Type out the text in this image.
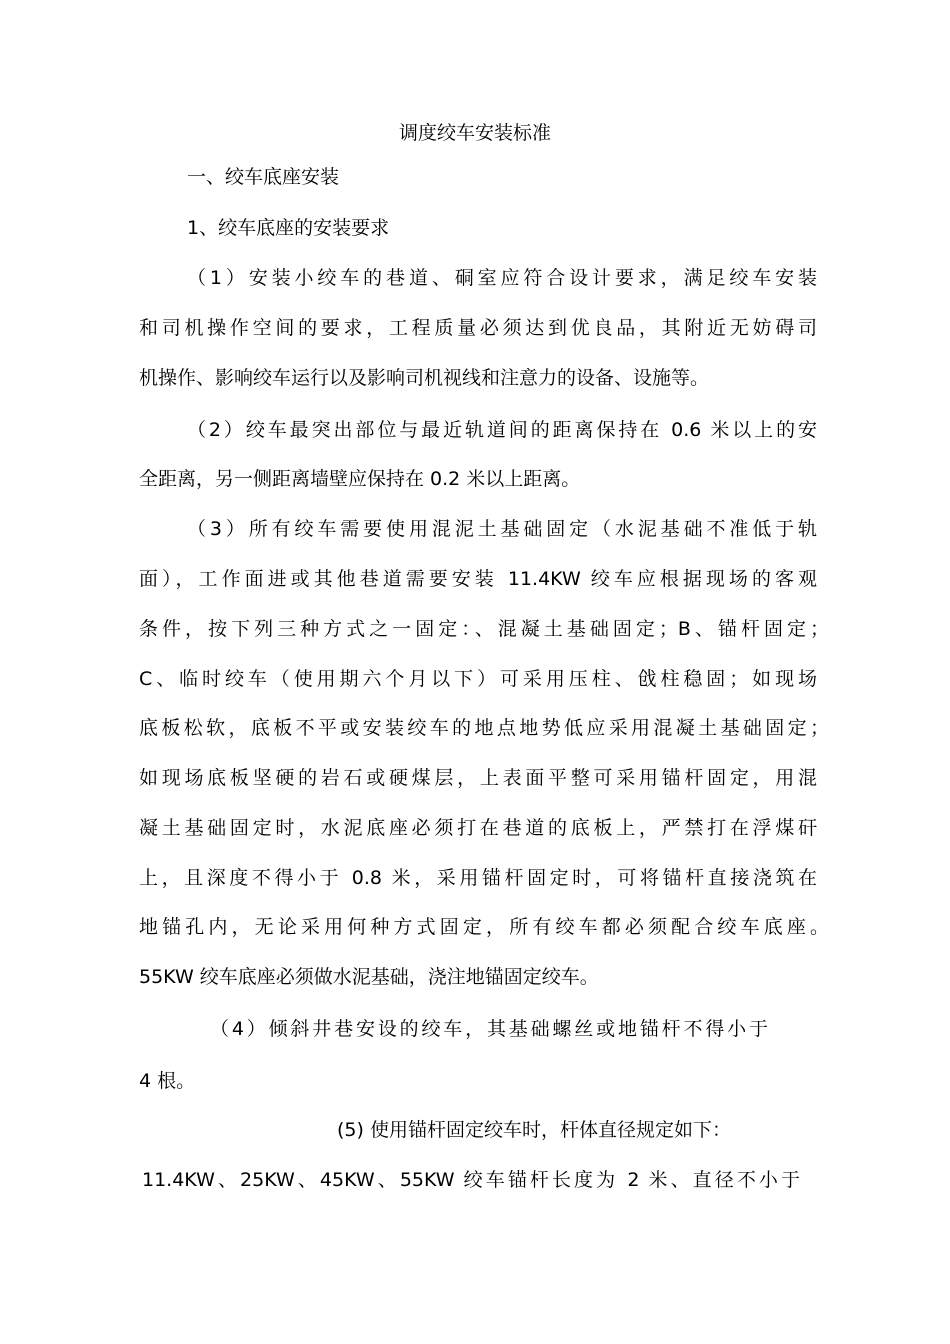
调度绞车安装标准

一、绞车底座安装

1、绞车底座的安装要求

（1）安装小绞车的巷道、硐室应符合设计要求，满足绞车安装

和司机操作空间的要求，工程质量必须达到优良品，其附近无妨碍司

机操作、影响绞车运行以及影响司机视线和注意力的设备、设施等。

（2）绞车最突出部位与最近轨道间的距离保持在 0.6 米以上的安

全距离，另一侧距离墙壁应保持在 0.2 米以上距离。

（3）所有绞车需要使用混泥土基础固定（水泥基础不准低于轨

面），工作面进或其他巷道需要安装 11.4KW 绞车应根据现场的客观

条件，按下列三种方式之一固定：、混凝土基础固定；B、锚杆固定；

C、临时绞车（使用期六个月以下）可采用压柱、戗柱稳固；如现场

底板松软，底板不平或安装绞车的地点地势低应采用混凝土基础固定；

如现场底板坚硬的岩石或硬煤层，上表面平整可采用锚杆固定，用混

凝土基础固定时，水泥底座必须打在巷道的底板上，严禁打在浮煤矸

上，且深度不得小于 0.8 米，采用锚杆固定时，可将锚杆直接浇筑在

地锚孔内，无论采用何种方式固定，所有绞车都必须配合绞车底座。

55KW 绞车底座必须做水泥基础，浇注地锚固定绞车。

（4）倾斜井巷安设的绞车，其基础螺丝或地锚杆不得小于

4 根。

(5) 使用锚杆固定绞车时，杆体直径规定如下：

11.4KW、25KW、45KW、55KW 绞车锚杆长度为 2 米、直径不小于
